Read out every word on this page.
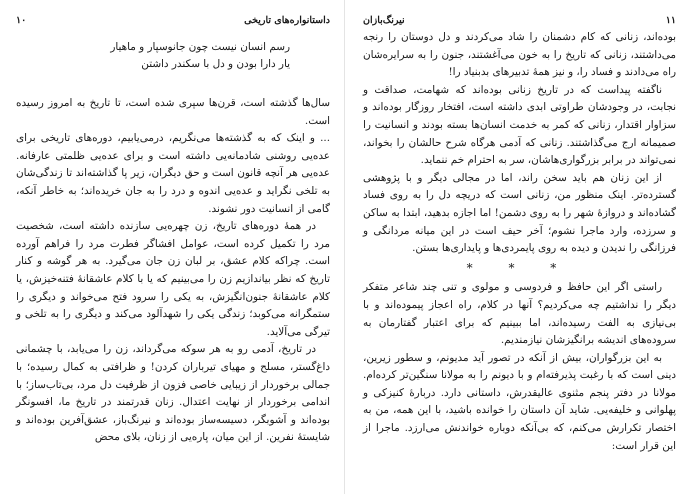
داستانواره‌های تاریخی
۱۰
رسم انسان نیست چون جانوسپار و ماهیار
یار دارا بودن و دل با سکندر داشتن

سال‌ها گذشته است، قرن‌ها سپری شده است، تا تاریخ به امروز رسیده است.

... و اینک که به گذشته‌ها می‌نگریم، درمی‌یابیم، دوره‌های تاریخی برای عده‌یی روشنی شادمانه‌یی داشته است و برای عده‌یی ظلمتی عارفانه. عده‌یی هر آنچه قانون است و حق دیگران، زیر پا گذاشته‌اند تا زندگی‌شان به تلخی نگراید و عده‌یی اندوه و درد را به جان خریده‌اند؛ به خاطر آنکه، گامی از انسانیت دور نشوند.

در همهٔ دوره‌های تاریخ، زن چهره‌یی سازنده داشته است، شخصیت مرد را تکمیل کرده است، عوامل افشاگر فطرت مرد را فراهم آورده است. چراکه کلام عشق، بر لبان زن جان می‌گیرد. به هر گوشه و کنار تاریخ که نظر بیاندازیم زن را می‌بینیم که یا با کلام عاشقانهٔ فتنه‌خیزش، یا کلام عاشقانهٔ جنون‌انگیزش، به یکی را سرود فتح می‌خواند و دیگری را ستمگرانه می‌کوبد؛ زندگی یکی را شهدآلود می‌کند و دیگری را به تلخی و تیرگی می‌آلاید.

در تاریخ، آدمی رو به هر سوکه می‌گرداند، زن را می‌یابد، با چشمانی داغ‌گستر، مسلح و مهیای تیرباران کردن! و ظرافتی به کمال رسیده؛ با جمالی برخوردار از زیبایی خاصی فزون از ظرفیت دل مرد، بی‌تاب‌ساز؛ با اندامی برخوردار از نهایت اعتدال. زنان قدرتمند در تاریخ ما، افسونگر بوده‌اند و آشوبگر، دسیسه‌ساز بوده‌اند و نیرنگ‌باز، عشق‌آفرین بوده‌اند و شایستهٔ نفرین. از این میان، پاره‌یی از زنان، بلای محض

۱۱
نیرنگ‌بازان

بوده‌اند، زنانی که کام دشمنان را شاد می‌کردند و دل دوستان را رنجه می‌داشتند، زنانی که تاریخ را به خون می‌آغشتند، جنون را به سرایره‌شان راه می‌دادند و فساد را، و نیز همهٔ تدبیرهای بدبنیاد را!

ناگفته پیداست که در تاریخ زنانی بوده‌اند که شهامت، صداقت و نجابت، در وجودشان طراوتی ابدی داشته است، افتخار روزگار بوده‌اند و سزاوار اقتدار، زنانی که کمر به خدمت انسان‌ها بسته بودند و انسانیت را صمیمانه ارج می‌گذاشتند. زنانی که آدمی هرگاه شرح حالشان را بخواند، نمی‌تواند در برابر بزرگواری‌هاشان، سر به احترام خم ننماید.

از این زنان هم باید سخن راند، اما در مجالی دیگر و با پژوهشی گسترده‌تر. اینک منظور من، زنانی است که دریچه دل را به روی فساد گشاده‌اند و دروازهٔ شهر را به روی دشمن! اما اجازه بدهید، ابتدا به ساکن و سرزده، وارد ماجرا نشوم؛ آخر حیف است در این میانه مردانگی و فرزانگی را ندیدن و دیده به روی پایمردی‌ها و پایداری‌ها بستن.

* * *

راستی اگر این حافظ و فردوسی و مولوی و تنی چند شاعر متفکر دیگر را نداشتیم چه می‌کردیم؟ آنها در کلام، راه اعجاز پیموده‌اند و با بی‌نیازی به الفت رسیده‌اند، اما ببینیم که برای اعتبار گفتارمان به سروده‌های اندیشه برانگیزشان نیازمندیم.

به این بزرگواران، بیش از آنکه در تصور آید مدیونم، و سطور زیرین، دینی است که با رغبت پذیرفته‌ام و با دیونم را به مولانا سنگین‌تر کرده‌ام. مولانا در دفتر پنجم مثنوی عالیقدرش، داستانی دارد. دربارهٔ کنیزکی و پهلوانی و خلیفه‌یی. شاید آن داستان را خوانده باشید، با این همه، من به اختصار تکرارش می‌کنم، که بی‌آنکه دوباره خواندنش می‌ارزد. ماجرا از این قرار است:
